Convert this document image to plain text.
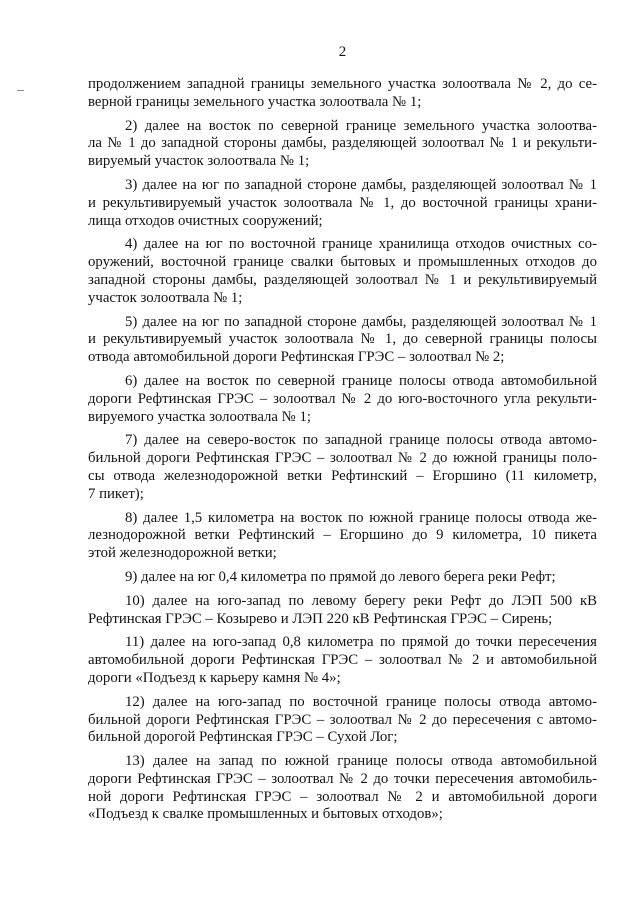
2
продолжением западной границы земельного участка золоотвала № 2, до се-
верной границы земельного участка золоотвала № 1;
2) далее на восток по северной границе земельного участка золоотва-
ла № 1 до западной стороны дамбы, разделяющей золоотвал № 1 и рекульти-
вируемый участок золоотвала № 1;
3) далее на юг по западной стороне дамбы, разделяющей золоотвал № 1
и рекультивируемый участок золоотвала № 1, до восточной границы храни-
лища отходов очистных сооружений;
4) далее на юг по восточной границе хранилища отходов очистных со-
оружений, восточной границе свалки бытовых и промышленных отходов до
западной стороны дамбы, разделяющей золоотвал № 1 и рекультивируемый
участок золоотвала № 1;
5) далее на юг по западной стороне дамбы, разделяющей золоотвал № 1
и рекультивируемый участок золоотвала № 1, до северной границы полосы
отвода автомобильной дороги Рефтинская ГРЭС – золоотвал № 2;
6) далее на восток по северной границе полосы отвода автомобильной
дороги Рефтинская ГРЭС – золоотвал № 2 до юго-восточного угла рекульти-
вируемого участка золоотвала № 1;
7) далее на северо-восток по западной границе полосы отвода автомо-
бильной дороги Рефтинская ГРЭС – золоотвал № 2 до южной границы поло-
сы отвода железнодорожной ветки Рефтинский – Егоршино (11 километр,
7 пикет);
8) далее 1,5 километра на восток по южной границе полосы отвода же-
лезнодорожной ветки Рефтинский – Егоршино до 9 километра, 10 пикета
этой железнодорожной ветки;
9) далее на юг 0,4 километра по прямой до левого берега реки Рефт;
10) далее на юго-запад по левому берегу реки Рефт до ЛЭП 500 кВ
Рефтинская ГРЭС – Козырево и ЛЭП 220 кВ Рефтинская ГРЭС – Сирень;
11) далее на юго-запад 0,8 километра по прямой до точки пересечения
автомобильной дороги Рефтинская ГРЭС – золоотвал № 2 и автомобильной
дороги «Подъезд к карьеру камня № 4»;
12) далее на юго-запад по восточной границе полосы отвода автомо-
бильной дороги Рефтинская ГРЭС – золоотвал № 2 до пересечения с автомо-
бильной дорогой Рефтинская ГРЭС – Сухой Лог;
13) далее на запад по южной границе полосы отвода автомобильной
дороги Рефтинская ГРЭС – золоотвал № 2 до точки пересечения автомобиль-
ной дороги Рефтинская ГРЭС – золоотвал № 2 и автомобильной дороги
«Подъезд к свалке промышленных и бытовых отходов»;
